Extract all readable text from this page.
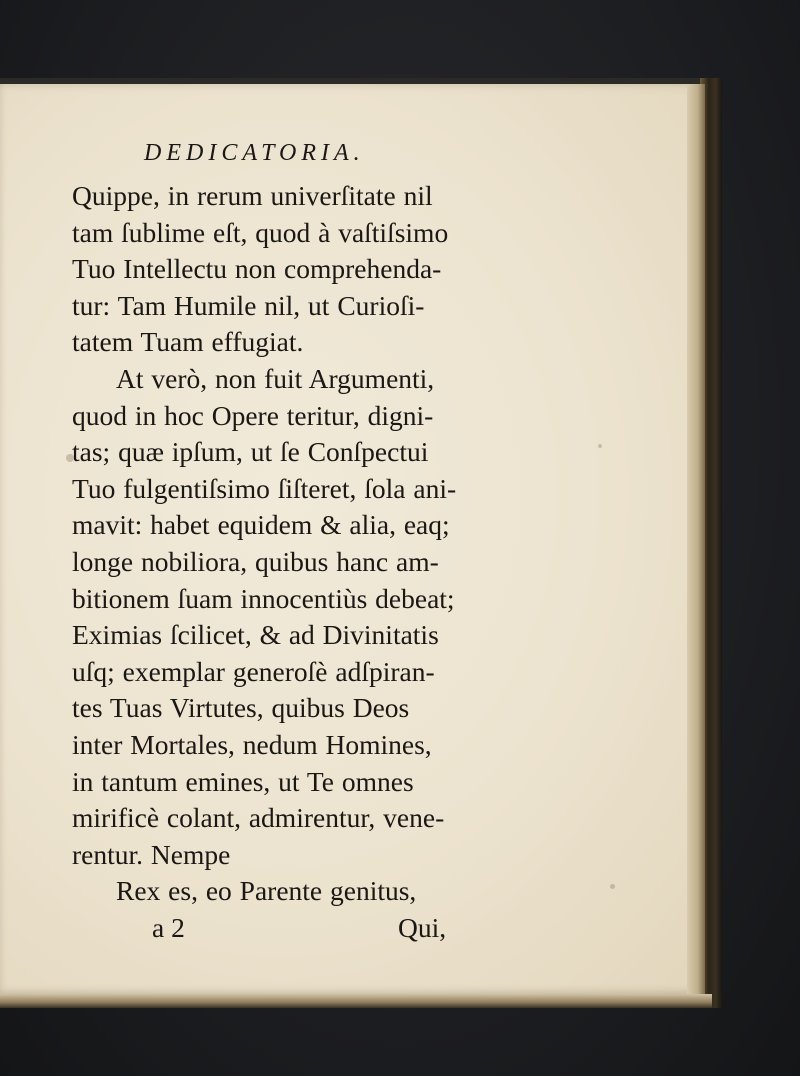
DEDICATORIA.
Quippe, in rerum univerſitate nil
tam ſublime eſt, quod à vaſtiſsimo
Tuo Intellectu non comprehenda-
tur: Tam Humile nil, ut Curioſi-
tatem Tuam effugiat.
At verò, non fuit Argumenti,
quod in hoc Opere teritur, digni-
tas; quæ ipſum, ut ſe Conſpectui
Tuo fulgentiſsimo ſiſteret, ſola ani-
mavit: habet equidem & alia, eaq;
longe nobiliora, quibus hanc am-
bitionem ſuam innocentiùs debeat;
Eximias ſcilicet, & ad Divinitatis
uſq; exemplar generoſè adſpiran-
tes Tuas Virtutes, quibus Deos
inter Mortales, nedum Homines,
in tantum emines, ut Te omnes
mirificè colant, admirentur, vene-
rentur. Nempe
Rex es, eo Parente genitus,
a 2	Qui,
